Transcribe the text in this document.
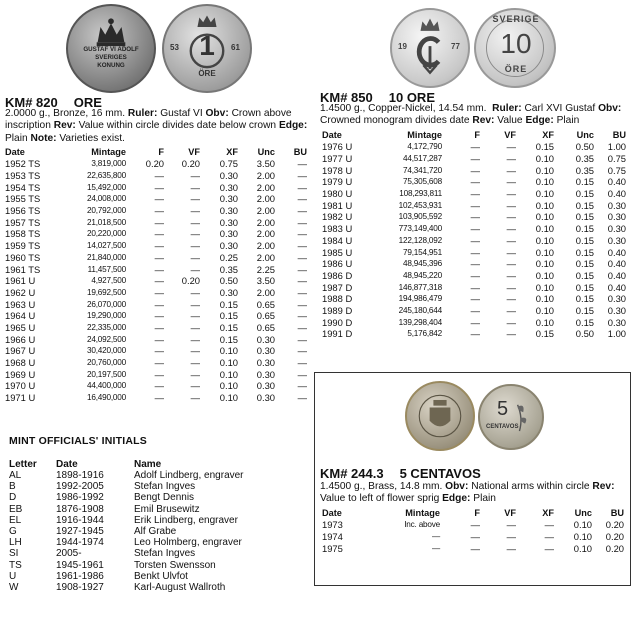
GUSTAF VI ADOLF
SVERIGES
KONUNG
1
53	61
ÖRE
KM# 820 ORE
2.0000 g., Bronze, 16 mm. Ruler: Gustaf VI Obv: Crown above inscription Rev: Value within circle divides date below crown Edge: Plain Note: Varieties exist.
Date	Mintage	F	VF	XF	Unc	BU
1952 TS	3,819,000	0.20	0.20	0.75	3.50	—
1953 TS	22,635,800	—	—	0.30	2.00	—
1954 TS	15,492,000	—	—	0.30	2.00	—
1955 TS	24,008,000	—	—	0.30	2.00	—
1956 TS	20,792,000	—	—	0.30	2.00	—
1957 TS	21,018,500	—	—	0.30	2.00	—
1958 TS	20,220,000	—	—	0.30	2.00	—
1959 TS	14,027,500	—	—	0.30	2.00	—
1960 TS	21,840,000	—	—	0.25	2.00	—
1961 TS	11,457,500	—	—	0.35	2.25	—
1961 U	4,927,500	—	0.20	0.50	3.50	—
1962 U	19,692,500	—	—	0.30	2.00	—
1963 U	26,070,000	—	—	0.15	0.65	—
1964 U	19,290,000	—	—	0.15	0.65	—
1965 U	22,335,000	—	—	0.15	0.65	—
1966 U	24,092,500	—	—	0.15	0.30	—
1967 U	30,420,000	—	—	0.10	0.30	—
1968 U	20,760,000	—	—	0.10	0.30	—
1969 U	20,197,500	—	—	0.10	0.30	—
1970 U	44,400,000	—	—	0.10	0.30	—
1971 U	16,490,000	—	—	0.10	0.30	—
MINT OFFICIALS' INITIALS
Letter	Date	Name
AL	1898-1916	Adolf Lindberg, engraver
B	1992-2005	Stefan Ingves
D	1986-1992	Bengt Dennis
EB	1876-1908	Emil Brusewitz
EL	1916-1944	Erik Lindberg, engraver
G	1927-1945	Alf Grabe
LH	1944-1974	Leo Holmberg, engraver
SI	2005-	Stefan Ingves
TS	1945-1961	Torsten Swensson
U	1961-1986	Benkt Ulvfot
W	1908-1927	Karl-August Wallroth
19	77
SVERIGE
10
ÖRE
KM# 850 10 ORE
1.4500 g., Copper-Nickel, 14.54 mm. Ruler: Carl XVI Gustaf Obv: Crowned monogram divides date Rev: Value Edge: Plain
Date	Mintage	F	VF	XF	Unc	BU
1976 U	4,172,790	—	—	0.15	0.50	1.00
1977 U	44,517,287	—	—	0.10	0.35	0.75
1978 U	74,341,720	—	—	0.10	0.35	0.75
1979 U	75,305,608	—	—	0.10	0.15	0.40
1980 U	108,293,811	—	—	0.10	0.15	0.40
1981 U	102,453,931	—	—	0.10	0.15	0.30
1982 U	103,905,592	—	—	0.10	0.15	0.30
1983 U	773,149,400	—	—	0.10	0.15	0.30
1984 U	122,128,092	—	—	0.10	0.15	0.30
1985 U	79,154,951	—	—	0.10	0.15	0.40
1986 U	48,945,396	—	—	0.10	0.15	0.40
1986 D	48,945,220	—	—	0.10	0.15	0.40
1987 D	146,877,318	—	—	0.10	0.15	0.40
1988 D	194,986,479	—	—	0.10	0.15	0.30
1989 D	245,180,644	—	—	0.10	0.15	0.30
1990 D	139,298,404	—	—	0.10	0.15	0.30
1991 D	5,176,842	—	—	0.15	0.50	1.00
5
CENTAVOS
KM# 244.3 5 CENTAVOS
1.4500 g., Brass, 14.8 mm. Obv: National arms within circle Rev: Value to left of flower sprig Edge: Plain
Date	Mintage	F	VF	XF	Unc	BU
1973	Inc. above	—	—	—	0.10	0.20
1974	—	—	—	—	0.10	0.20
1975	—	—	—	—	0.10	0.20
